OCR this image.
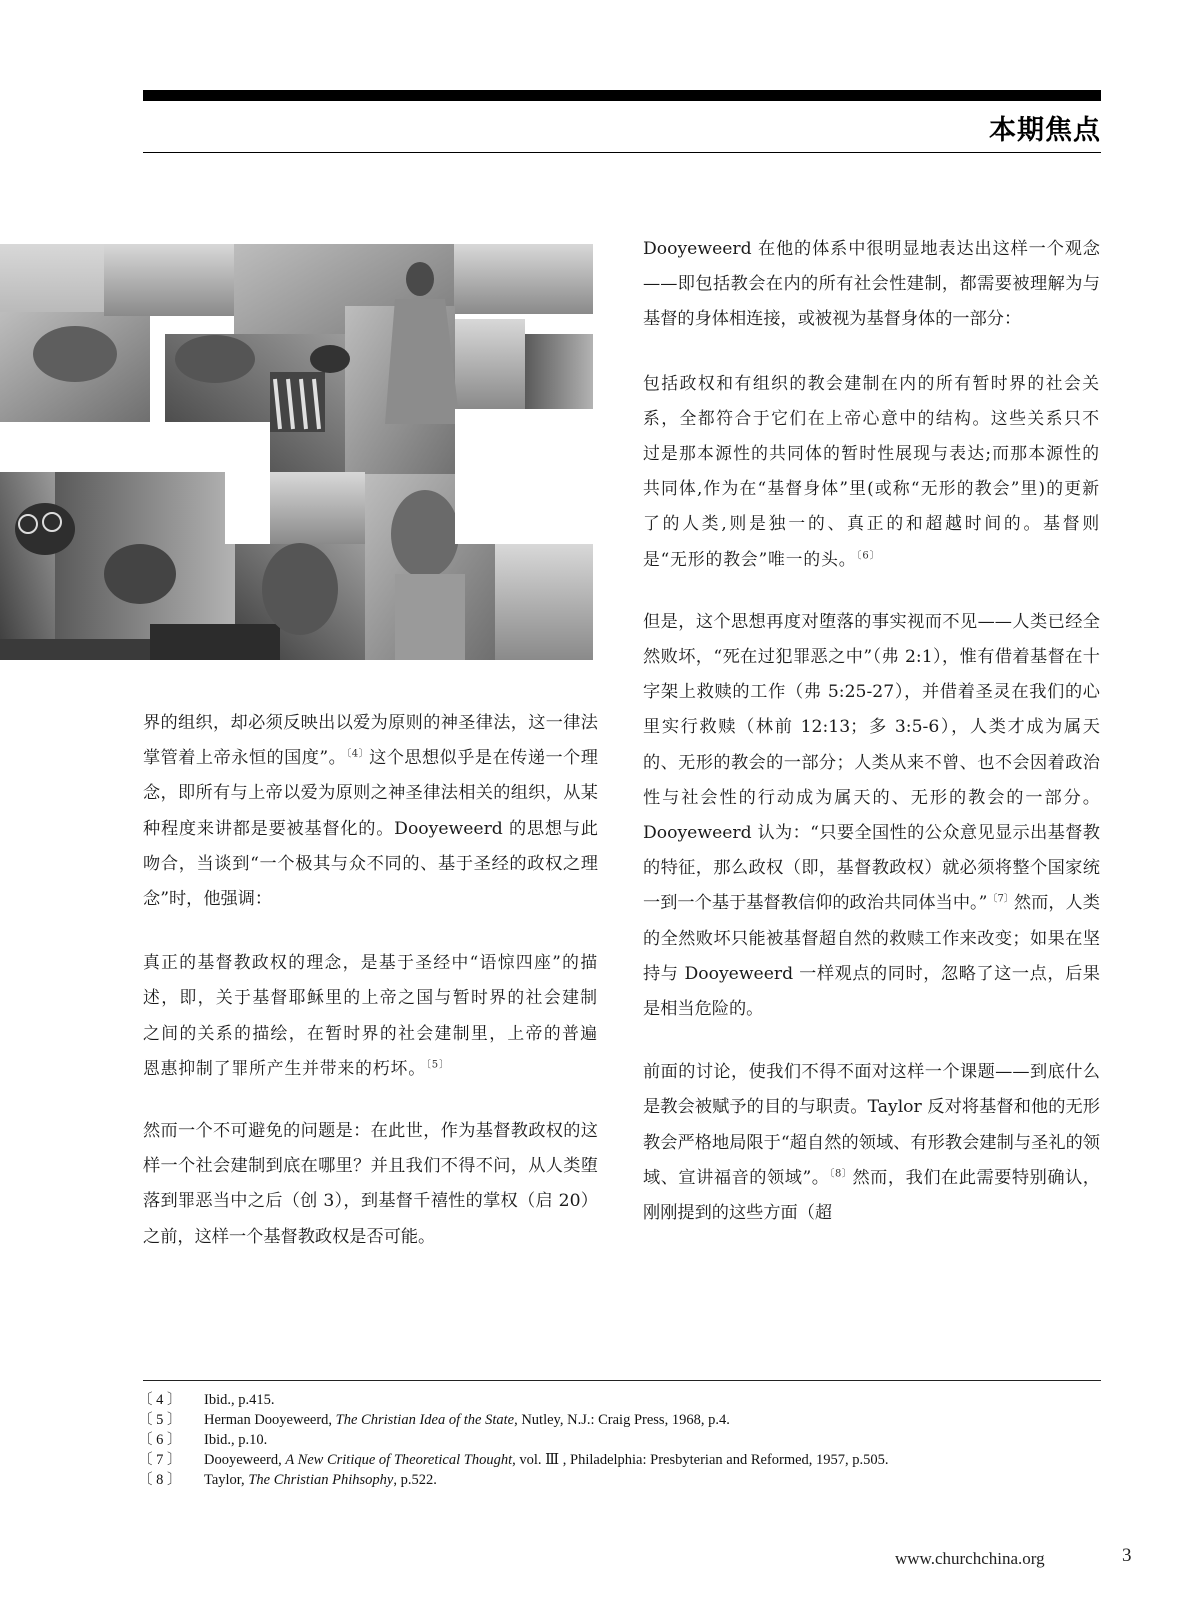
本期焦点

Dooyeweerd 在他的体系中很明显地表达出这样一个观念——即包括教会在内的所有社会性建制，都需要被理解为与基督的身体相连接，或被视为基督身体的一部分：

包括政权和有组织的教会建制在内的所有暂时界的社会关系，全都符合于它们在上帝心意中的结构。这些关系只不过是那本源性的共同体的暂时性展现与表达;而那本源性的共同体,作为在“基督身体”里(或称“无形的教会”里)的更新了的人类,则是独一的、真正的和超越时间的。基督则是“无形的教会”唯一的头。$^{〔6〕}$

但是，这个思想再度对堕落的事实视而不见——人类已经全然败坏，“死在过犯罪恶之中”（弗 2:1），惟有借着基督在十字架上救赎的工作（弗 5:25-27），并借着圣灵在我们的心里实行救赎（林前 12:13；多 3:5-6），人类才成为属天的、无形的教会的一部分；人类从来不曾、也不会因着政治性与社会性的行动成为属天的、无形的教会的一部分。Dooyeweerd 认为：“只要全国性的公众意见显示出基督教的特征，那么政权（即，基督教政权）就必须将整个国家统一到一个基于基督教信仰的政治共同体当中。”$^{〔7〕}$然而，人类的全然败坏只能被基督超自然的救赎工作来改变；如果在坚持与 Dooyeweerd 一样观点的同时，忽略了这一点，后果是相当危险的。

前面的讨论，使我们不得不面对这样一个课题——到底什么是教会被赋予的目的与职责。Taylor 反对将基督和他的无形教会严格地局限于“超自然的领域、有形教会建制与圣礼的领域、宣讲福音的领域”。$^{〔8〕}$然而，我们在此需要特别确认，刚刚提到的这些方面（超

界的组织，却必须反映出以爱为原则的神圣律法，这一律法掌管着上帝永恒的国度”。$^{〔4〕}$这个思想似乎是在传递一个理念，即所有与上帝以爱为原则之神圣律法相关的组织，从某种程度来讲都是要被基督化的。Dooyeweerd 的思想与此吻合，当谈到“一个极其与众不同的、基于圣经的政权之理念”时，他强调：

真正的基督教政权的理念，是基于圣经中“语惊四座”的描述，即，关于基督耶稣里的上帝之国与暂时界的社会建制之间的关系的描绘，在暂时界的社会建制里，上帝的普遍恩惠抑制了罪所产生并带来的朽坏。$^{〔5〕}$

然而一个不可避免的问题是：在此世，作为基督教政权的这样一个社会建制到底在哪里？并且我们不得不问，从人类堕落到罪恶当中之后（创 3），到基督千禧性的掌权（启 20）之前，这样一个基督教政权是否可能。

〔 4 〕	Ibid., p.415.
〔 5 〕	Herman Dooyeweerd, The Christian Idea of the State, Nutley, N.J.: Craig Press, 1968, p.4.
〔 6 〕	Ibid., p.10.
〔 7 〕	Dooyeweerd, A New Critique of Theoretical Thought, vol. Ⅲ , Philadelphia: Presbyterian and Reformed, 1957, p.505.
〔 8 〕	Taylor, The Christian Phihsophy, p.522.
www.churchchina.org	3
